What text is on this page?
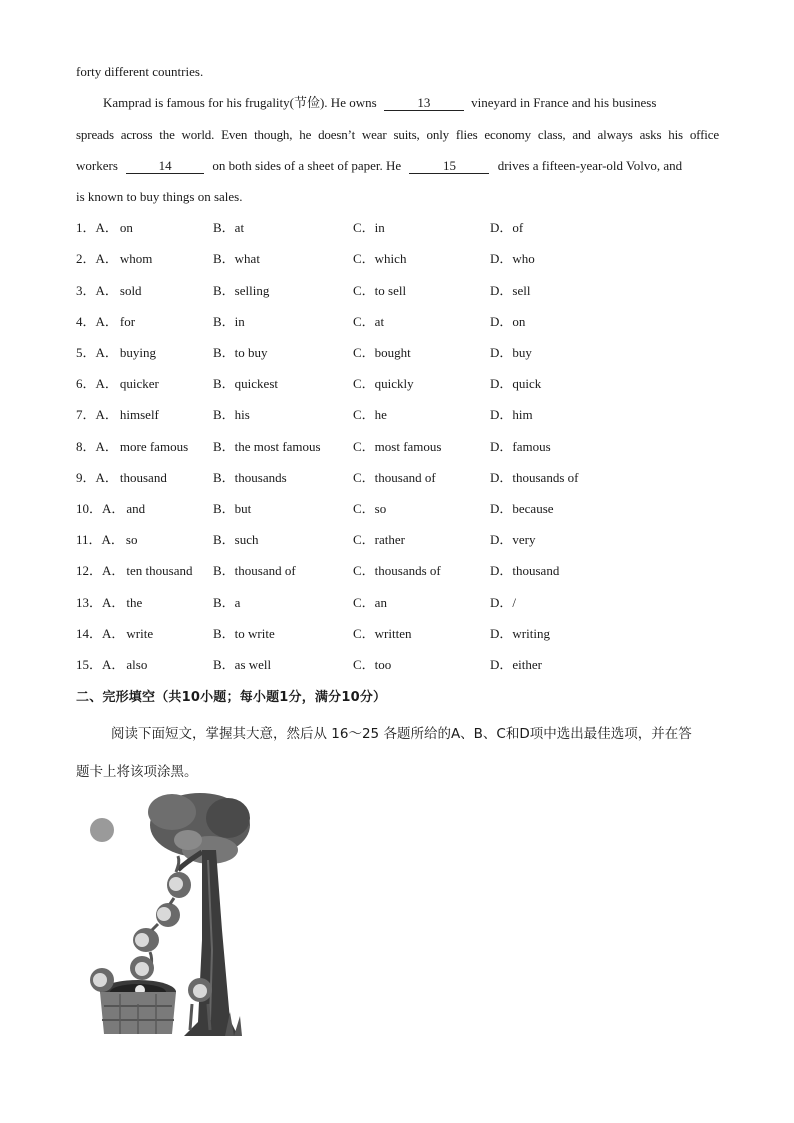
forty different countries.
Kamprad is famous for his frugality(节俭). He owns	13	vineyard in France and his business
spreads across the world. Even though, he doesn’t wear suits, only flies economy class, and always asks his office
workers	14	on both sides of a sheet of paper. He	15	drives a fifteen-year-old Volvo, and
is known to buy things on sales.
1．A． on	B．at	C．in	D．of
2．A． whom	B．what	C．which	D．who
3．A． sold	B．selling	C．to sell	D．sell
4．A． for	B．in	C．at	D．on
5．A． buying	B．to buy	C．bought	D．buy
6．A． quicker	B．quickest	C．quickly	D．quick
7．A． himself	B．his	C．he	D．him
8．A． more famous B．the most famous C．most famous	D．famous
9．A． thousand	B．thousands	C．thousand of	D．thousands of
10．A． and	B．but	C．so	D．because
11．A． so	B．such	C．rather	D．very
12．A． ten thousand B．thousand of	C．thousands of	D．thousand
13．A． the	B．a	C．an	D．/
14．A． write	B．to write	C．written	D．writing
15．A． also	B．as well	C．too	D．either
二、完形填空（共10小题；每小题1分，满分10分）
阅读下面短文，掌握其大意，然后从 16～25 各题所给的A、B、C和D项中选出最佳选项，并在答
题卡上将该项涂黑。
